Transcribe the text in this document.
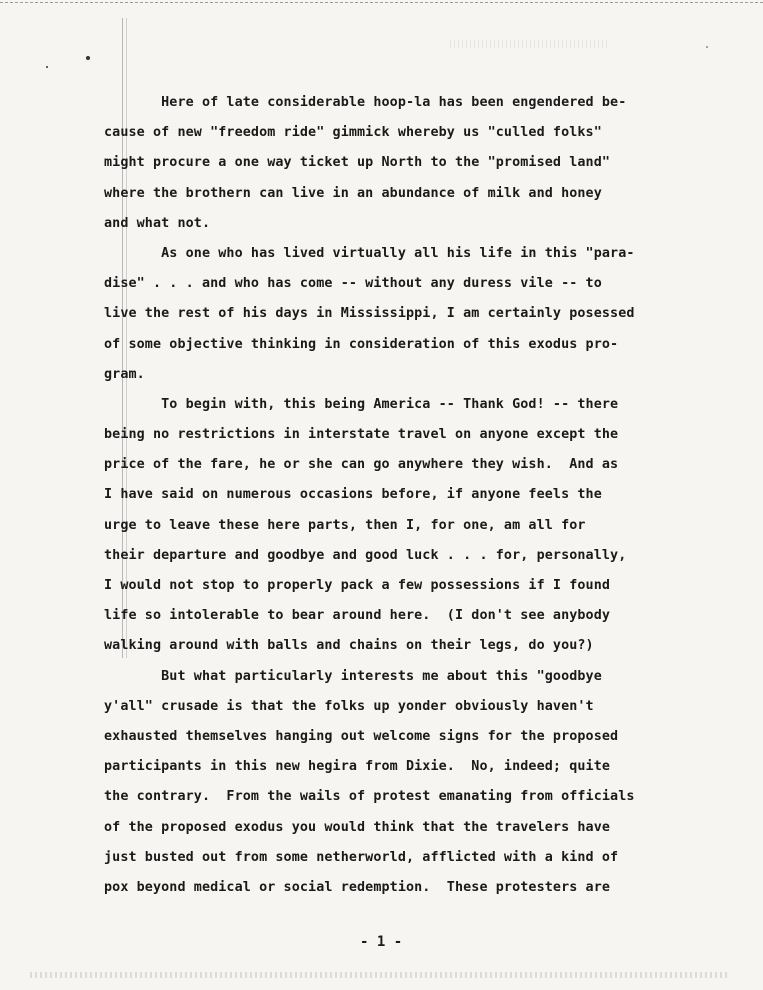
Here of late considerable hoop-la has been engendered be-
cause of new "freedom ride" gimmick whereby us "culled folks"
might procure a one way ticket up North to the "promised land"
where the brothern can live in an abundance of milk and honey
and what not.
As one who has lived virtually all his life in this "para-
dise" . . . and who has come -- without any duress vile -- to
live the rest of his days in Mississippi, I am certainly posessed
of some objective thinking in consideration of this exodus pro-
gram.
To begin with, this being America -- Thank God! -- there
being no restrictions in interstate travel on anyone except the
price of the fare, he or she can go anywhere they wish.  And as
I have said on numerous occasions before, if anyone feels the
urge to leave these here parts, then I, for one, am all for
their departure and goodbye and good luck . . . for, personally,
I would not stop to properly pack a few possessions if I found
life so intolerable to bear around here.  (I don't see anybody
walking around with balls and chains on their legs, do you?)
But what particularly interests me about this "goodbye
y'all" crusade is that the folks up yonder obviously haven't
exhausted themselves hanging out welcome signs for the proposed
participants in this new hegira from Dixie.  No, indeed; quite
the contrary.  From the wails of protest emanating from officials
of the proposed exodus you would think that the travelers have
just busted out from some netherworld, afflicted with a kind of
pox beyond medical or social redemption.  These protesters are
- 1 -
